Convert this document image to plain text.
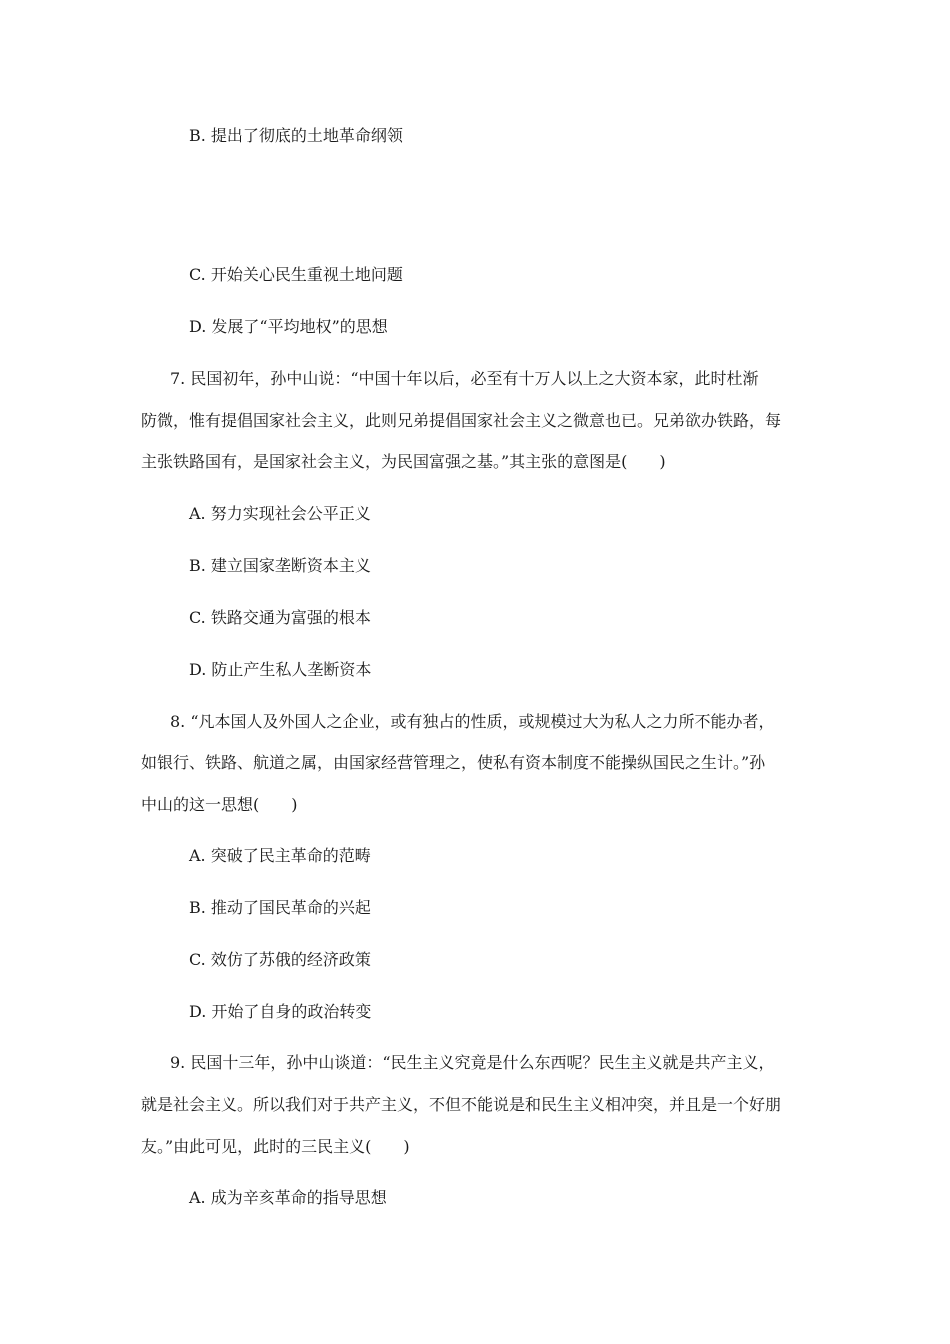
B. 提出了彻底的土地革命纲领
C. 开始关心民生重视土地问题
D. 发展了“平均地权”的思想
7. 民国初年，孙中山说：“中国十年以后，必至有十万人以上之大资本家，此时杜渐
防微，惟有提倡国家社会主义，此则兄弟提倡国家社会主义之微意也已。兄弟欲办铁路，每
主张铁路国有，是国家社会主义，为民国富强之基。”其主张的意图是(　　)
A. 努力实现社会公平正义
B. 建立国家垄断资本主义
C. 铁路交通为富强的根本
D. 防止产生私人垄断资本
8. “凡本国人及外国人之企业，或有独占的性质，或规模过大为私人之力所不能办者，
如银行、铁路、航道之属，由国家经营管理之，使私有资本制度不能操纵国民之生计。”孙
中山的这一思想(　　)
A. 突破了民主革命的范畴
B. 推动了国民革命的兴起
C. 效仿了苏俄的经济政策
D. 开始了自身的政治转变
9. 民国十三年，孙中山谈道：“民生主义究竟是什么东西呢？民生主义就是共产主义，
就是社会主义。所以我们对于共产主义，不但不能说是和民生主义相冲突，并且是一个好朋
友。”由此可见，此时的三民主义(　　)
A. 成为辛亥革命的指导思想
